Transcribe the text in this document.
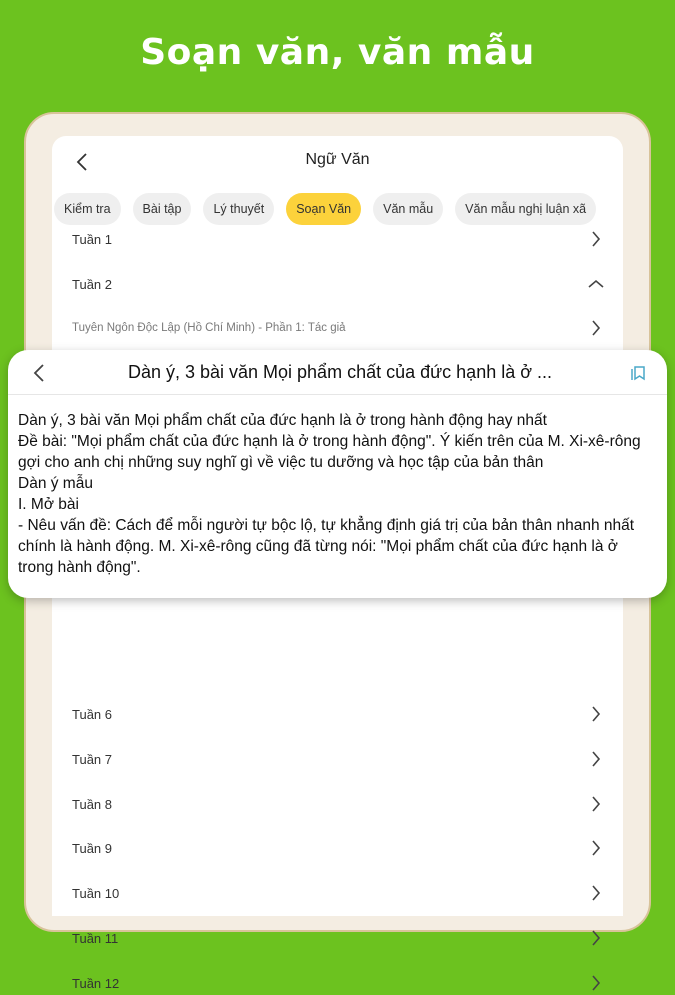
Soạn văn, văn mẫu
Ngữ Văn
Kiểm tra	Bài tập	Lý thuyết	Soạn Văn	Văn mẫu	Văn mẫu nghị luận xã
Tuần 1
Tuần 2
Tuyên Ngôn Độc Lập (Hồ Chí Minh) - Phần 1: Tác giả
Tuần 6
Tuần 7
Tuần 8
Tuần 9
Tuần 10
Tuần 11
Tuần 12
Dàn ý, 3 bài văn Mọi phẩm chất của đức hạnh là ở ...
Dàn ý, 3 bài văn Mọi phẩm chất của đức hạnh là ở trong hành động hay nhất
Đề bài: "Mọi phẩm chất của đức hạnh là ở trong hành động". Ý kiến trên của M. Xi-xê-rông gợi cho anh chị những suy nghĩ gì về việc tu dưỡng và học tập của bản thân
Dàn ý mẫu
I. Mở bài
- Nêu vấn đề: Cách để mỗi người tự bộc lộ, tự khẳng định giá trị của bản thân nhanh nhất chính là hành động. M. Xi-xê-rông cũng đã từng nói: "Mọi phẩm chất của đức hạnh là ở trong hành động".
